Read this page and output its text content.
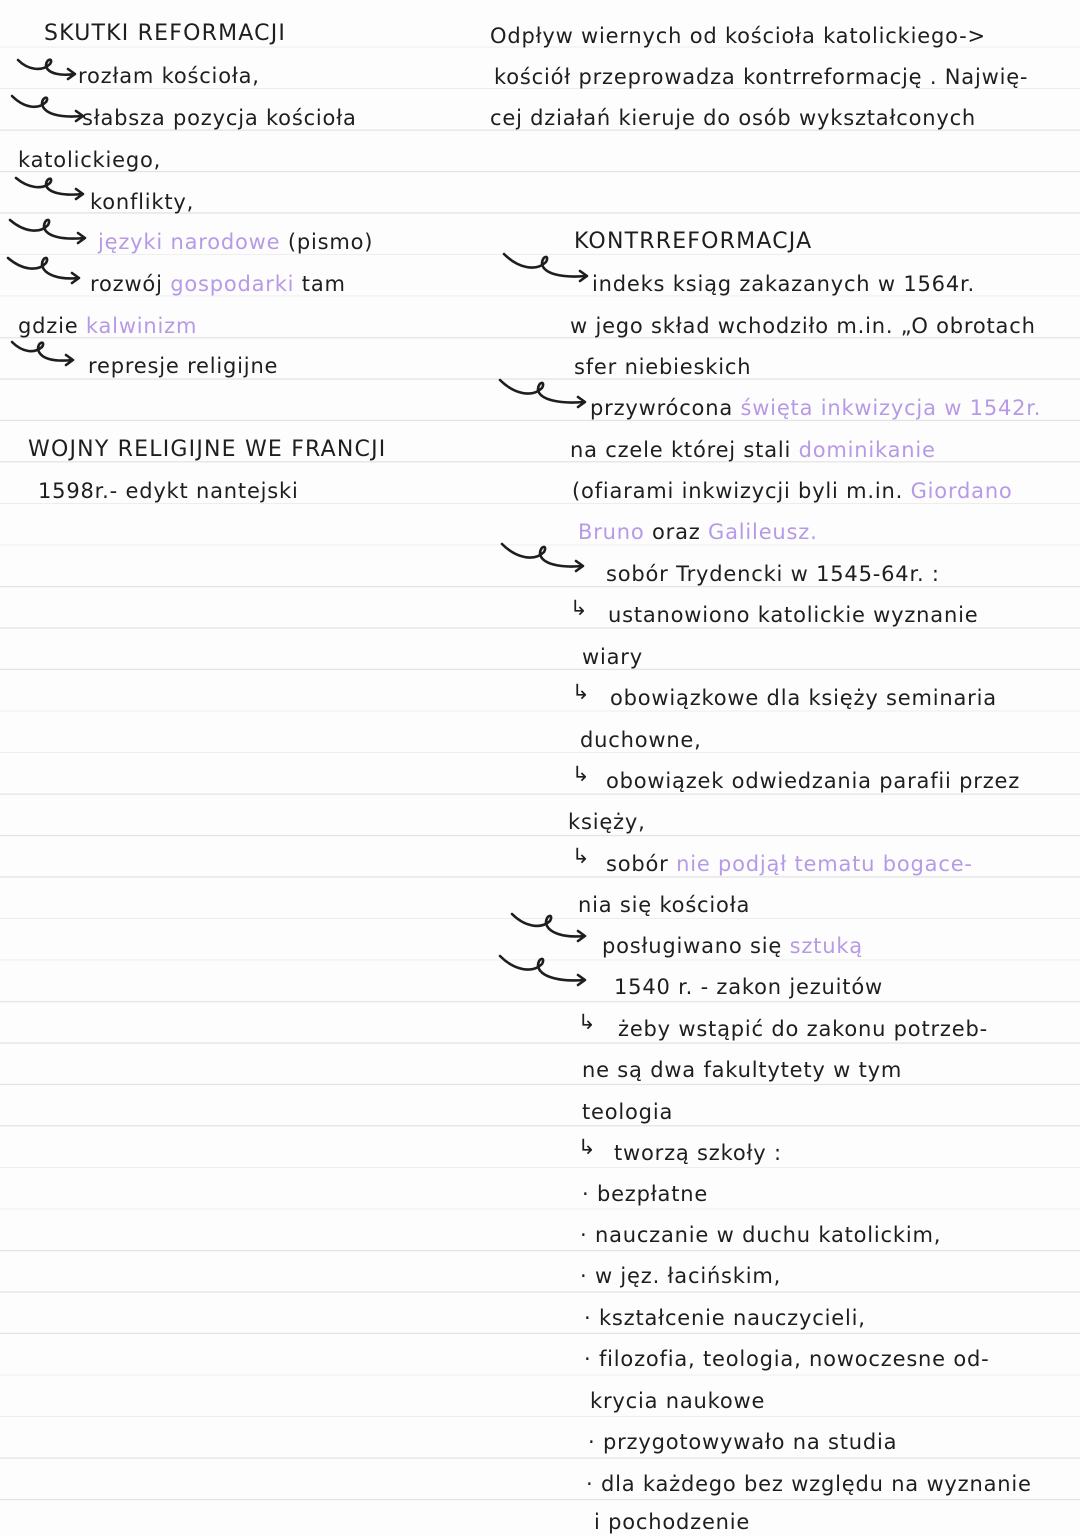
SKUTKI REFORMACJI
rozłam kościoła,
słabsza pozycja kościoła
katolickiego,
konflikty,
języki narodowe (pismo)
rozwój gospodarki tam
gdzie kalwinizm
represje religijne
WOJNY RELIGIJNE WE FRANCJI
1598r.- edykt nantejski
Odpływ wiernych od kościoła katolickiego->
kościół przeprowadza kontrreformację . Najwię-
cej działań kieruje do osób wykształconych
KONTRREFORMACJA
indeks ksiąg zakazanych w 1564r.
w jego skład wchodziło m.in. „O obrotach
sfer niebieskich
przywrócona święta inkwizycja w 1542r.
na czele której stali dominikanie
(ofiarami inkwizycji byli m.in. Giordano
Bruno oraz Galileusz.
sobór Trydencki w 1545-64r. :
↳ ustanowiono katolickie wyznanie
wiary
↳ obowiązkowe dla księży seminaria
duchowne,
↳ obowiązek odwiedzania parafii przez
księży,
↳ sobór nie podjął tematu bogace-
nia się kościoła
posługiwano się sztuką
1540 r. - zakon jezuitów
↳ żeby wstąpić do zakonu potrzeb-
ne są dwa fakultytety w tym
teologia
↳ tworzą szkoły :
· bezpłatne
· nauczanie w duchu katolickim,
· w jęz. łacińskim,
· kształcenie nauczycieli,
· filozofia, teologia, nowoczesne od-
krycia naukowe
· przygotowywało na studia
· dla każdego bez względu na wyznanie
i pochodzenie
